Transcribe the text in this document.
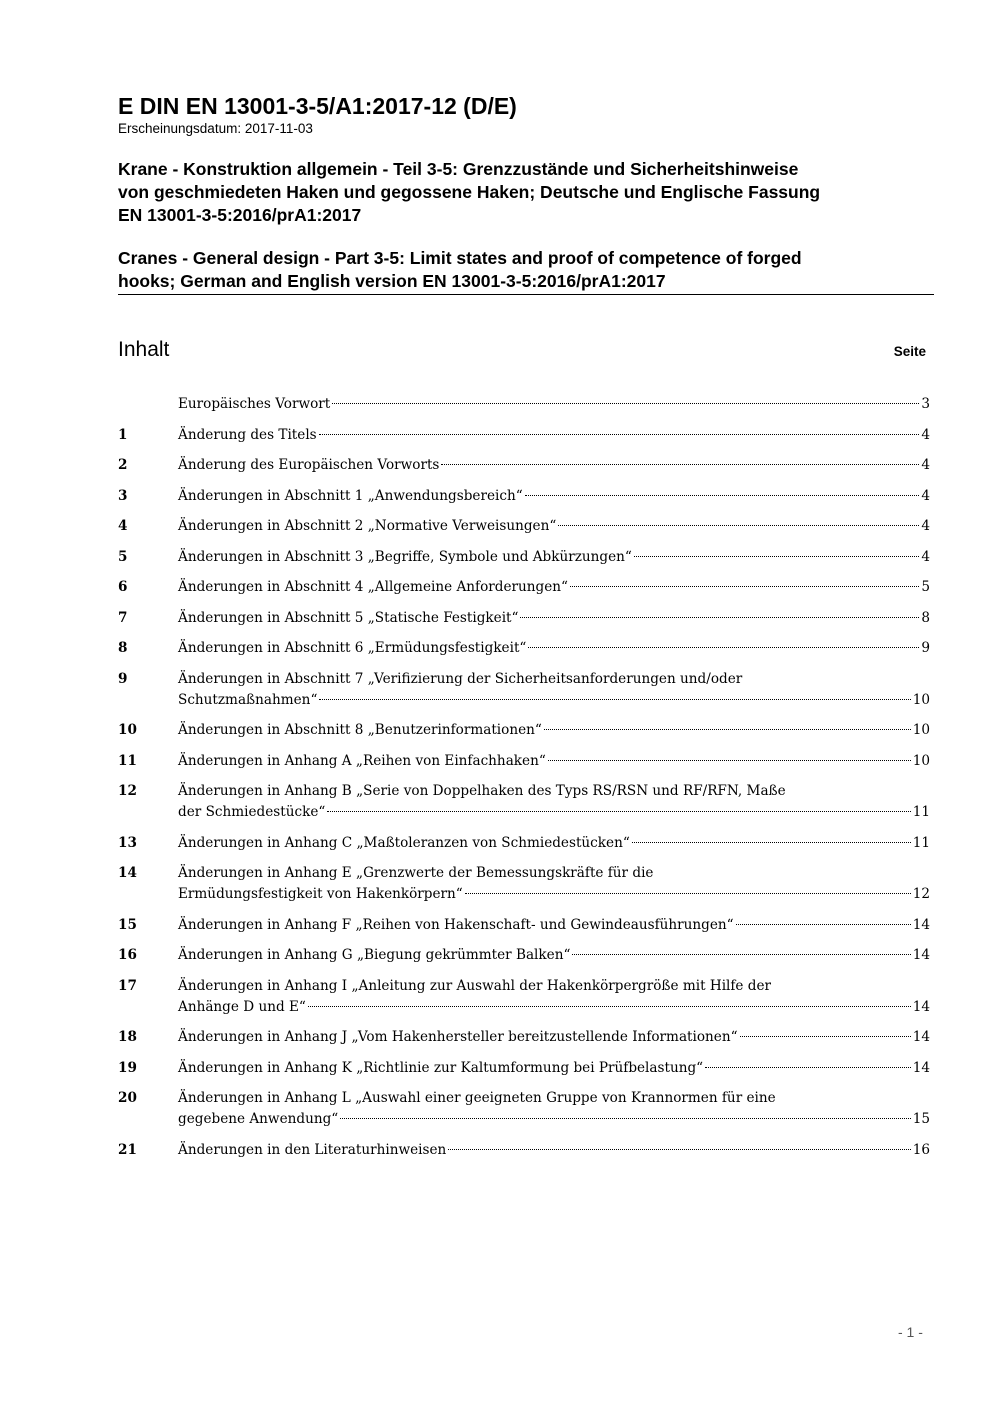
E DIN EN 13001-3-5/A1:2017-12 (D/E)

Erscheinungsdatum: 2017-11-03

Krane - Konstruktion allgemein - Teil 3-5: Grenzzustände und Sicherheitshinweise
von geschmiedeten Haken und gegossene Haken; Deutsche und Englische Fassung
EN 13001-3-5:2016/prA1:2017

Cranes - General design - Part 3-5: Limit states and proof of competence of forged
hooks; German and English version EN 13001-3-5:2016/prA1:2017

Inhalt	Seite
Europäisches Vorwort	3
1	Änderung des Titels	4
2	Änderung des Europäischen Vorworts	4
3	Änderungen in Abschnitt 1 „Anwendungsbereich“	4
4	Änderungen in Abschnitt 2 „Normative Verweisungen“	4
5	Änderungen in Abschnitt 3 „Begriffe, Symbole und Abkürzungen“	4
6	Änderungen in Abschnitt 4 „Allgemeine Anforderungen“	5
7	Änderungen in Abschnitt 5 „Statische Festigkeit“	8
8	Änderungen in Abschnitt 6 „Ermüdungsfestigkeit“	9
9	Änderungen in Abschnitt 7 „Verifizierung der Sicherheitsanforderungen und/oder
Schutzmaßnahmen“	10
10	Änderungen in Abschnitt 8 „Benutzerinformationen“	10
11	Änderungen in Anhang A „Reihen von Einfachhaken“	10
12	Änderungen in Anhang B „Serie von Doppelhaken des Typs RS/RSN und RF/RFN, Maße
der Schmiedestücke“	11
13	Änderungen in Anhang C „Maßtoleranzen von Schmiedestücken“	11
14	Änderungen in Anhang E „Grenzwerte der Bemessungskräfte für die
Ermüdungsfestigkeit von Hakenkörpern“	12
15	Änderungen in Anhang F „Reihen von Hakenschaft- und Gewindeausführungen“	14
16	Änderungen in Anhang G „Biegung gekrümmter Balken“	14
17	Änderungen in Anhang I „Anleitung zur Auswahl der Hakenkörpergröße mit Hilfe der
Anhänge D und E“	14
18	Änderungen in Anhang J „Vom Hakenhersteller bereitzustellende Informationen“	14
19	Änderungen in Anhang K „Richtlinie zur Kaltumformung bei Prüfbelastung“	14
20	Änderungen in Anhang L „Auswahl einer geeigneten Gruppe von Krannormen für eine
gegebene Anwendung“	15
21	Änderungen in den Literaturhinweisen	16
- 1 -
